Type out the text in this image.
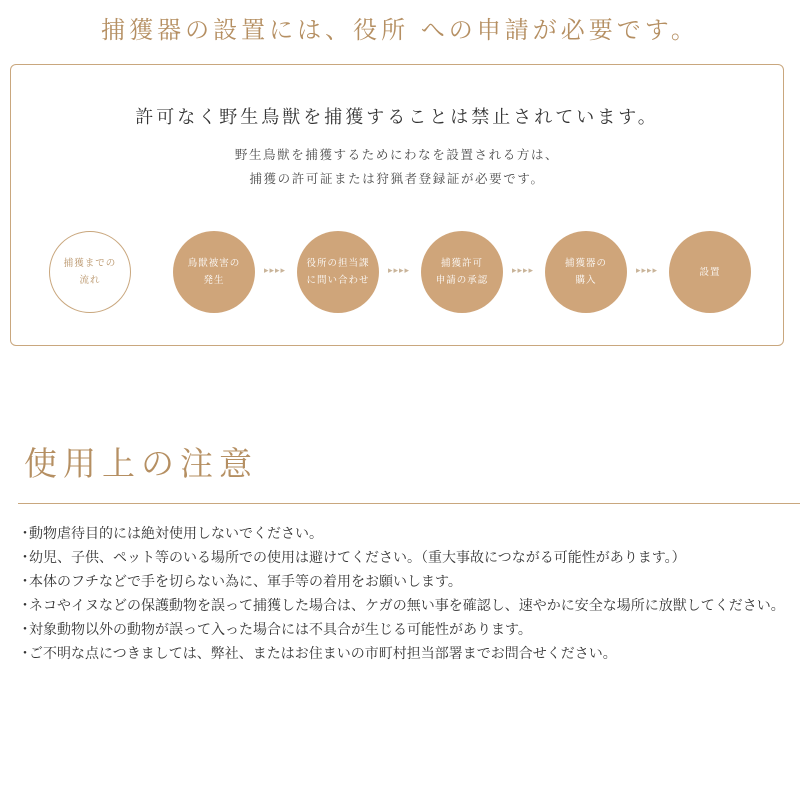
捕獲器の設置には、役所 への申請が必要です。
許可なく野生鳥獣を捕獲することは禁止されています。
野生鳥獣を捕獲するためにわなを設置される方は、
捕獲の許可証または狩猟者登録証が必要です。
捕獲までの
流れ
鳥獣被害の
発生
▸▸▸▸
役所の担当課
に問い合わせ
▸▸▸▸
捕獲許可
申請の承認
▸▸▸▸
捕獲器の
購入
▸▸▸▸	設置
使用上の注意
・動物虐待目的には絶対使用しないでください。
・幼児、子供、ペット等のいる場所での使用は避けてください。（重大事故につながる可能性があります。）
・本体のフチなどで手を切らない為に、軍手等の着用をお願いします。
・ネコやイヌなどの保護動物を誤って捕獲した場合は、ケガの無い事を確認し、速やかに安全な場所に放獣してください。
・対象動物以外の動物が誤って入った場合には不具合が生じる可能性があります。
・ご不明な点につきましては、弊社、またはお住まいの市町村担当部署までお問合せください。
